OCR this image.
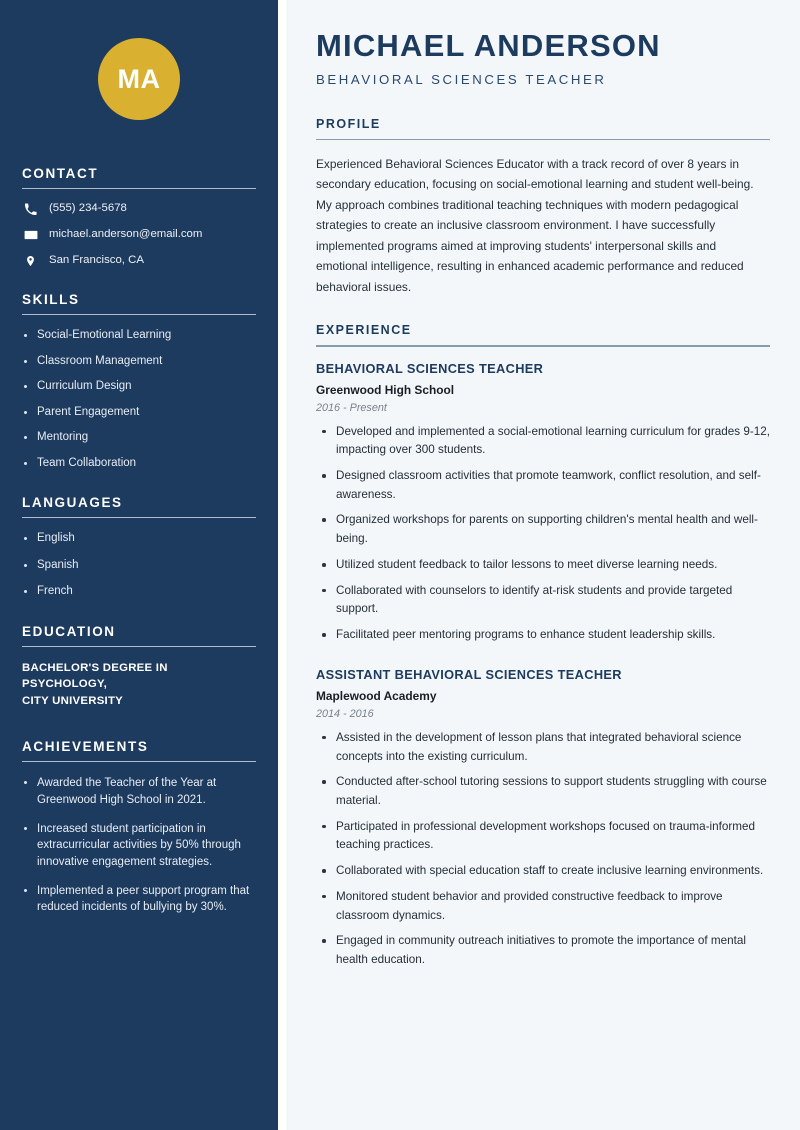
MA
CONTACT
(555) 234-5678
michael.anderson@email.com
San Francisco, CA
SKILLS
Social-Emotional Learning
Classroom Management
Curriculum Design
Parent Engagement
Mentoring
Team Collaboration
LANGUAGES
English
Spanish
French
EDUCATION
BACHELOR'S DEGREE IN PSYCHOLOGY,
CITY UNIVERSITY
ACHIEVEMENTS
Awarded the Teacher of the Year at Greenwood High School in 2021.
Increased student participation in extracurricular activities by 50% through innovative engagement strategies.
Implemented a peer support program that reduced incidents of bullying by 30%.
MICHAEL ANDERSON
BEHAVIORAL SCIENCES TEACHER
PROFILE

Experienced Behavioral Sciences Educator with a track record of over 8 years in secondary education, focusing on social-emotional learning and student well-being. My approach combines traditional teaching techniques with modern pedagogical strategies to create an inclusive classroom environment. I have successfully implemented programs aimed at improving students' interpersonal skills and emotional intelligence, resulting in enhanced academic performance and reduced behavioral issues.

EXPERIENCE
BEHAVIORAL SCIENCES TEACHER
Greenwood High School
2016 - Present
Developed and implemented a social-emotional learning curriculum for grades 9-12, impacting over 300 students.
Designed classroom activities that promote teamwork, conflict resolution, and self-awareness.
Organized workshops for parents on supporting children's mental health and well-being.
Utilized student feedback to tailor lessons to meet diverse learning needs.
Collaborated with counselors to identify at-risk students and provide targeted support.
Facilitated peer mentoring programs to enhance student leadership skills.
ASSISTANT BEHAVIORAL SCIENCES TEACHER
Maplewood Academy
2014 - 2016
Assisted in the development of lesson plans that integrated behavioral science concepts into the existing curriculum.
Conducted after-school tutoring sessions to support students struggling with course material.
Participated in professional development workshops focused on trauma-informed teaching practices.
Collaborated with special education staff to create inclusive learning environments.
Monitored student behavior and provided constructive feedback to improve classroom dynamics.
Engaged in community outreach initiatives to promote the importance of mental health education.
